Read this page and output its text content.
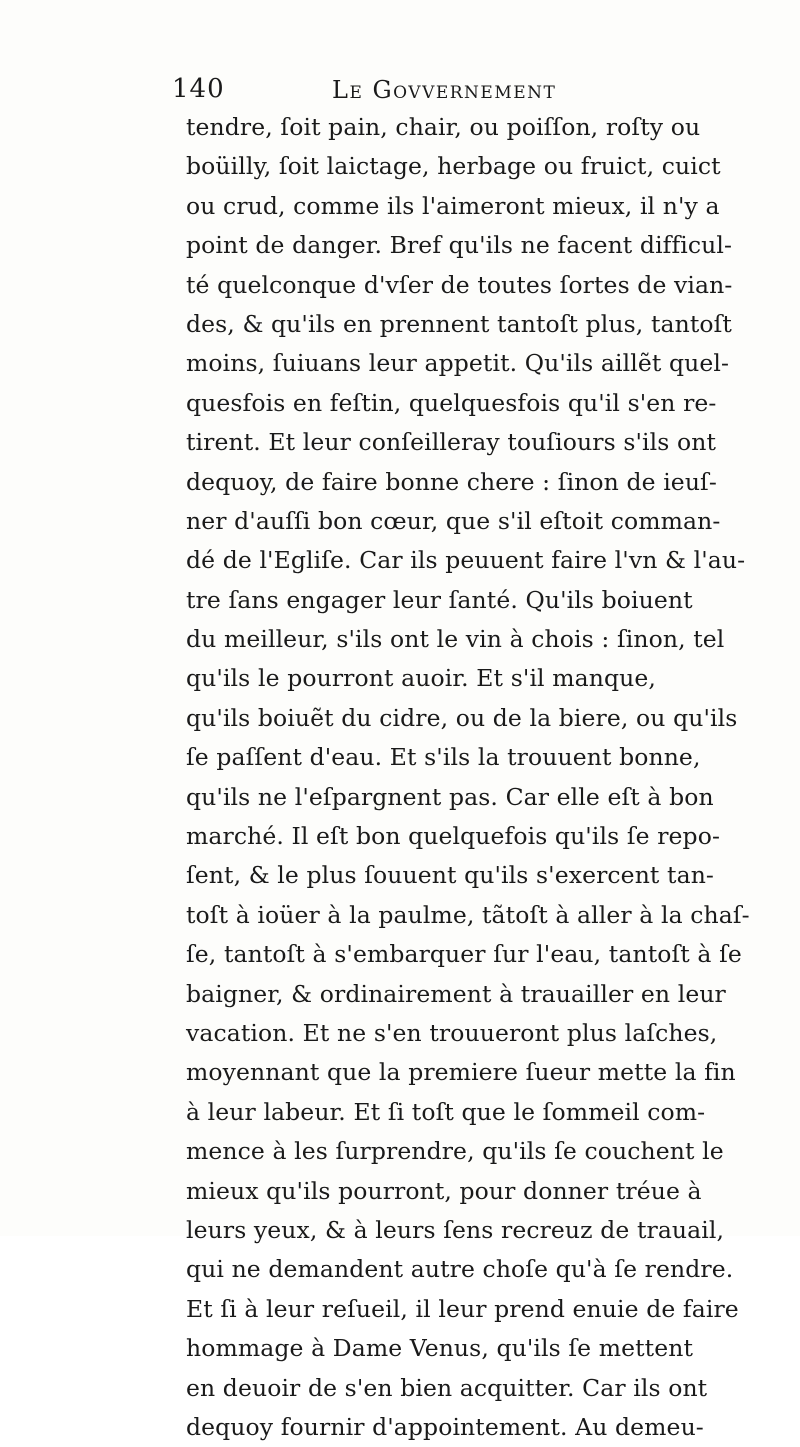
140	Le Govvernement
tendre, ſoit pain, chair, ou poiſſon, roſty ou
boüilly, ſoit laictage, herbage ou fruict, cuict
ou crud, comme ils l'aimeront mieux, il n'y a
point de danger. Bref qu'ils ne facent difficul-
té quelconque d'vſer de toutes ſortes de vian-
des, & qu'ils en prennent tantoſt plus, tantoſt
moins, ſuiuans leur appetit. Qu'ils aillẽt quel-
quesfois en feſtin, quelquesfois qu'il s'en re-
tirent. Et leur conſeilleray touſiours s'ils ont
dequoy, de faire bonne chere : ſinon de ieuſ-
ner d'auſſi bon cœur, que s'il eſtoit comman-
dé de l'Egliſe. Car ils peuuent faire l'vn & l'au-
tre ſans engager leur ſanté. Qu'ils boiuent
du meilleur, s'ils ont le vin à chois : ſinon, tel
qu'ils le pourront auoir. Et s'il manque,
qu'ils boiuẽt du cidre, ou de la biere, ou qu'ils
ſe paſſent d'eau. Et s'ils la trouuent bonne,
qu'ils ne l'eſpargnent pas. Car elle eſt à bon
marché. Il eſt bon quelquefois qu'ils ſe repo-
ſent, & le plus ſouuent qu'ils s'exercent tan-
toſt à ioüer à la paulme, tãtoſt à aller à la chaſ-
ſe, tantoſt à s'embarquer ſur l'eau, tantoſt à ſe
baigner, & ordinairement à trauailler en leur
vacation. Et ne s'en trouueront plus laſches,
moyennant que la premiere ſueur mette la fin
à leur labeur. Et ſi toſt que le ſommeil com-
mence à les ſurprendre, qu'ils ſe couchent le
mieux qu'ils pourront, pour donner tréue à
leurs yeux, & à leurs ſens recreuz de trauail,
qui ne demandent autre choſe qu'à ſe rendre.
Et ſi à leur reſueil, il leur prend enuie de faire
hommage à Dame Venus, qu'ils ſe mettent
en deuoir de s'en bien acquitter. Car ils ont
dequoy fournir d'appointement. Au demeu-
